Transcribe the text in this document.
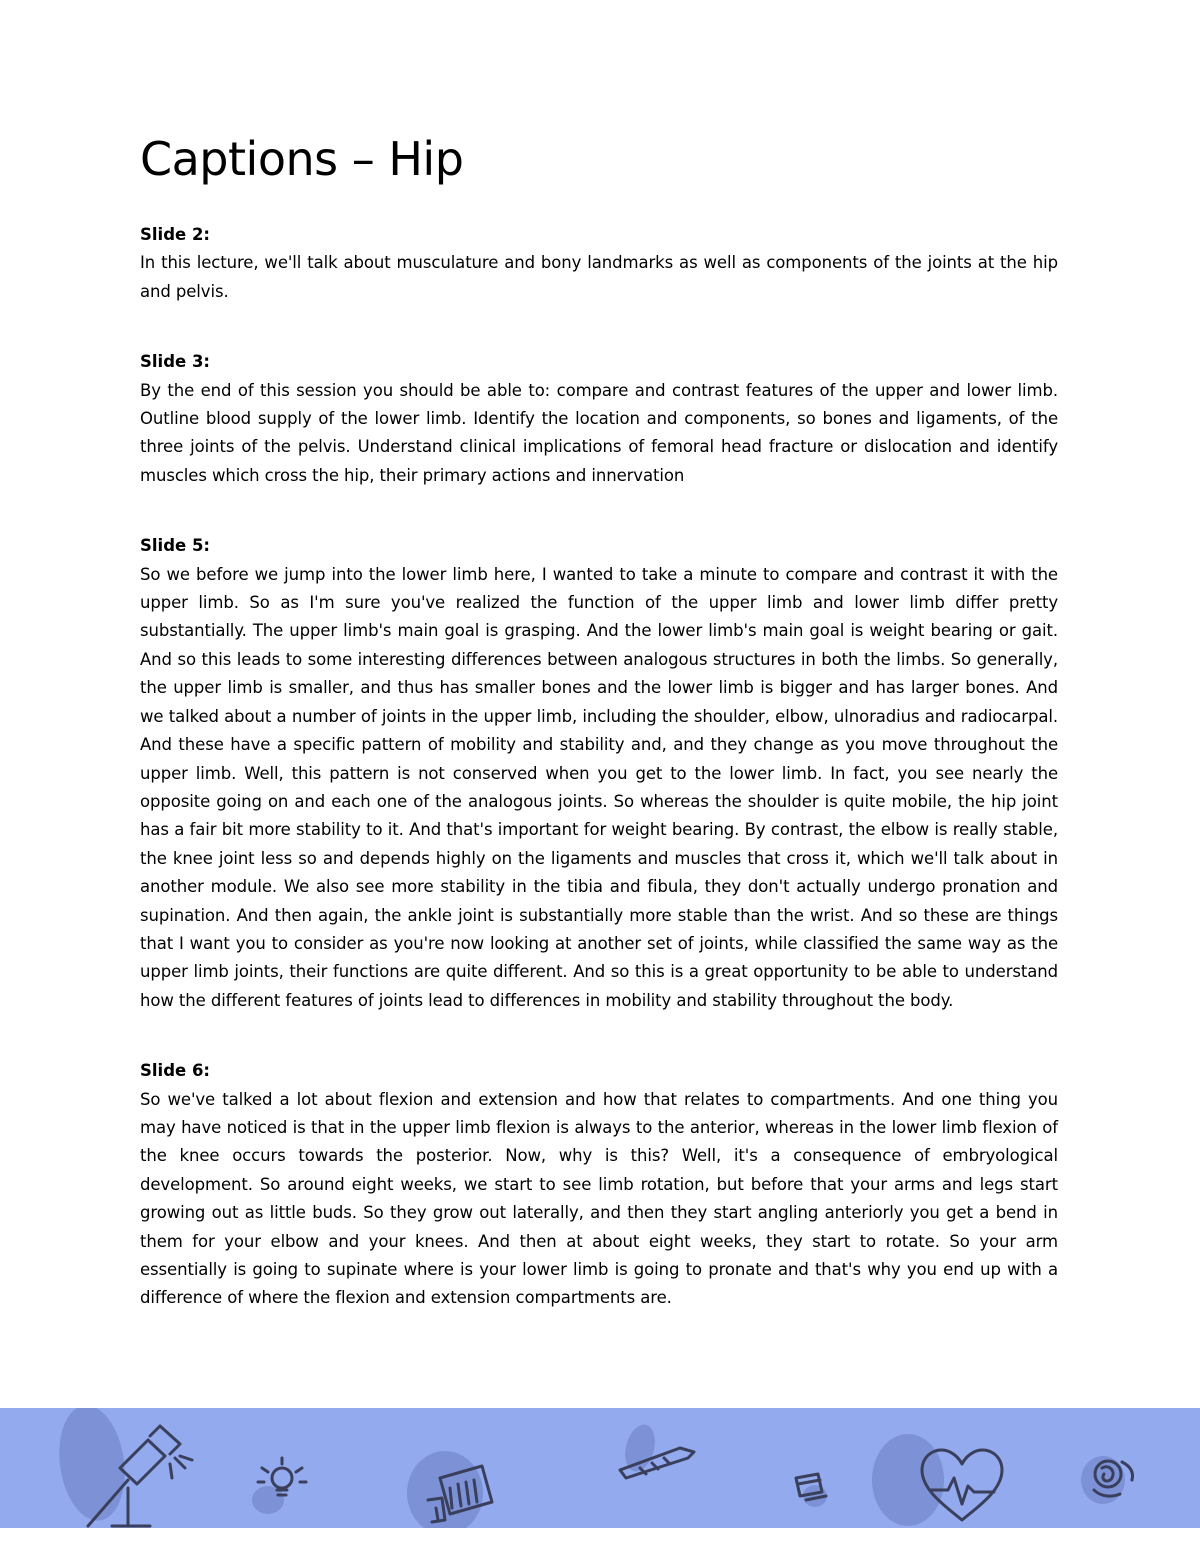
Captions – Hip

Slide 2:

In this lecture, we'll talk about musculature and bony landmarks as well as components of the joints at the hip and pelvis.

Slide 3:

By the end of this session you should be able to: compare and contrast features of the upper and lower limb. Outline blood supply of the lower limb. Identify the location and components, so bones and ligaments, of the three joints of the pelvis. Understand clinical implications of femoral head fracture or dislocation and identify muscles which cross the hip, their primary actions and innervation

Slide 5:

So we before we jump into the lower limb here, I wanted to take a minute to compare and contrast it with the upper limb. So as I'm sure you've realized the function of the upper limb and lower limb differ pretty substantially. The upper limb's main goal is grasping. And the lower limb's main goal is weight bearing or gait. And so this leads to some interesting differences between analogous structures in both the limbs. So generally, the upper limb is smaller, and thus has smaller bones and the lower limb is bigger and has larger bones. And we talked about a number of joints in the upper limb, including the shoulder, elbow, ulnoradius and radiocarpal. And these have a specific pattern of mobility and stability and, and they change as you move throughout the upper limb. Well, this pattern is not conserved when you get to the lower limb. In fact, you see nearly the opposite going on and each one of the analogous joints. So whereas the shoulder is quite mobile, the hip joint has a fair bit more stability to it. And that's important for weight bearing. By contrast, the elbow is really stable, the knee joint less so and depends highly on the ligaments and muscles that cross it, which we'll talk about in another module. We also see more stability in the tibia and fibula, they don't actually undergo pronation and supination. And then again, the ankle joint is substantially more stable than the wrist. And so these are things that I want you to consider as you're now looking at another set of joints, while classified the same way as the upper limb joints, their functions are quite different. And so this is a great opportunity to be able to understand how the different features of joints lead to differences in mobility and stability throughout the body.

Slide 6:

So we've talked a lot about flexion and extension and how that relates to compartments. And one thing you may have noticed is that in the upper limb flexion is always to the anterior, whereas in the lower limb flexion of the knee occurs towards the posterior. Now, why is this? Well, it's a consequence of embryological development. So around eight weeks, we start to see limb rotation, but before that your arms and legs start growing out as little buds. So they grow out laterally, and then they start angling anteriorly you get a bend in them for your elbow and your knees. And then at about eight weeks, they start to rotate. So your arm essentially is going to supinate where is your lower limb is going to pronate and that's why you end up with a difference of where the flexion and extension compartments are.
